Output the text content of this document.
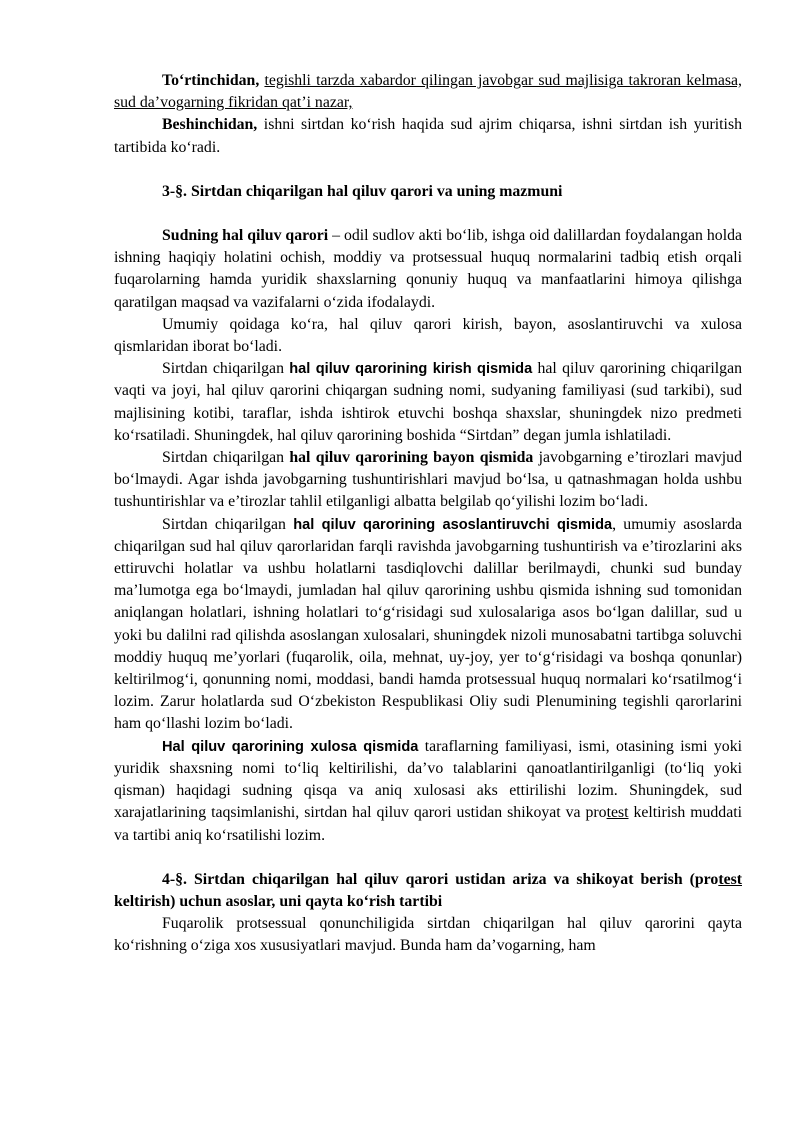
To‘rtinchidan, tegishli tarzda xabardor qilingan javobgar sud majlisiga takroran kelmasa, sud da’vogarning fikridan qat’i nazar,

Beshinchidan, ishni sirtdan ko‘rish haqida sud ajrim chiqarsa, ishni sirtdan ish yuritish tartibida ko‘radi.

3-§. Sirtdan chiqarilgan hal qiluv qarori va uning mazmuni

Sudning hal qiluv qarori – odil sudlov akti bo‘lib, ishga oid dalillardan foydalangan holda ishning haqiqiy holatini ochish, moddiy va protsessual huquq normalarini tadbiq etish orqali fuqarolarning hamda yuridik shaxslarning qonuniy huquq va manfaatlarini himoya qilishga qaratilgan maqsad va vazifalarni o‘zida ifodalaydi.

Umumiy qoidaga ko‘ra, hal qiluv qarori kirish, bayon, asoslantiruvchi va xulosa qismlaridan iborat bo‘ladi.

Sirtdan chiqarilgan hal qiluv qarorining kirish qismida hal qiluv qarorining chiqarilgan vaqti va joyi, hal qiluv qarorini chiqargan sudning nomi, sudyaning familiyasi (sud tarkibi), sud majlisining kotibi, taraflar, ishda ishtirok etuvchi boshqa shaxslar, shuningdek nizo predmeti ko‘rsatiladi. Shuningdek, hal qiluv qarorining boshida “Sirtdan” degan jumla ishlatiladi.

Sirtdan chiqarilgan hal qiluv qarorining bayon qismida javobgarning e’tirozlari mavjud bo‘lmaydi. Agar ishda javobgarning tushuntirishlari mavjud bo‘lsa, u qatnashmagan holda ushbu tushuntirishlar va e’tirozlar tahlil etilganligi albatta belgilab qo‘yilishi lozim bo‘ladi.

Sirtdan chiqarilgan hal qiluv qarorining asoslantiruvchi qismida, umumiy asoslarda chiqarilgan sud hal qiluv qarorlaridan farqli ravishda javobgarning tushuntirish va e’tirozlarini aks ettiruvchi holatlar va ushbu holatlarni tasdiqlovchi dalillar berilmaydi, chunki sud bunday ma’lumotga ega bo‘lmaydi, jumladan hal qiluv qarorining ushbu qismida ishning sud tomonidan aniqlangan holatlari, ishning holatlari to‘g‘risidagi sud xulosalariga asos bo‘lgan dalillar, sud u yoki bu dalilni rad qilishda asoslangan xulosalari, shuningdek nizoli munosabatni tartibga soluvchi moddiy huquq me’yorlari (fuqarolik, oila, mehnat, uy-joy, yer to‘g‘risidagi va boshqa qonunlar) keltirilmog‘i, qonunning nomi, moddasi, bandi hamda protsessual huquq normalari ko‘rsatilmog‘i lozim. Zarur holatlarda sud O‘zbekiston Respublikasi Oliy sudi Plenumining tegishli qarorlarini ham qo‘llashi lozim bo‘ladi.

Hal qiluv qarorining xulosa qismida taraflarning familiyasi, ismi, otasining ismi yoki yuridik shaxsning nomi to‘liq keltirilishi, da’vo talablarini qanoatlantirilganligi (to‘liq yoki qisman) haqidagi sudning qisqa va aniq xulosasi aks ettirilishi lozim. Shuningdek, sud xarajatlarining taqsimlanishi, sirtdan hal qiluv qarori ustidan shikoyat va protest keltirish muddati va tartibi aniq ko‘rsatilishi lozim.

4-§. Sirtdan chiqarilgan hal qiluv qarori ustidan ariza va shikoyat berish (protest keltirish) uchun asoslar, uni qayta ko‘rish tartibi

Fuqarolik protsessual qonunchiligida sirtdan chiqarilgan hal qiluv qarorini qayta ko‘rishning o‘ziga xos xususiyatlari mavjud. Bunda ham da’vogarning, ham
